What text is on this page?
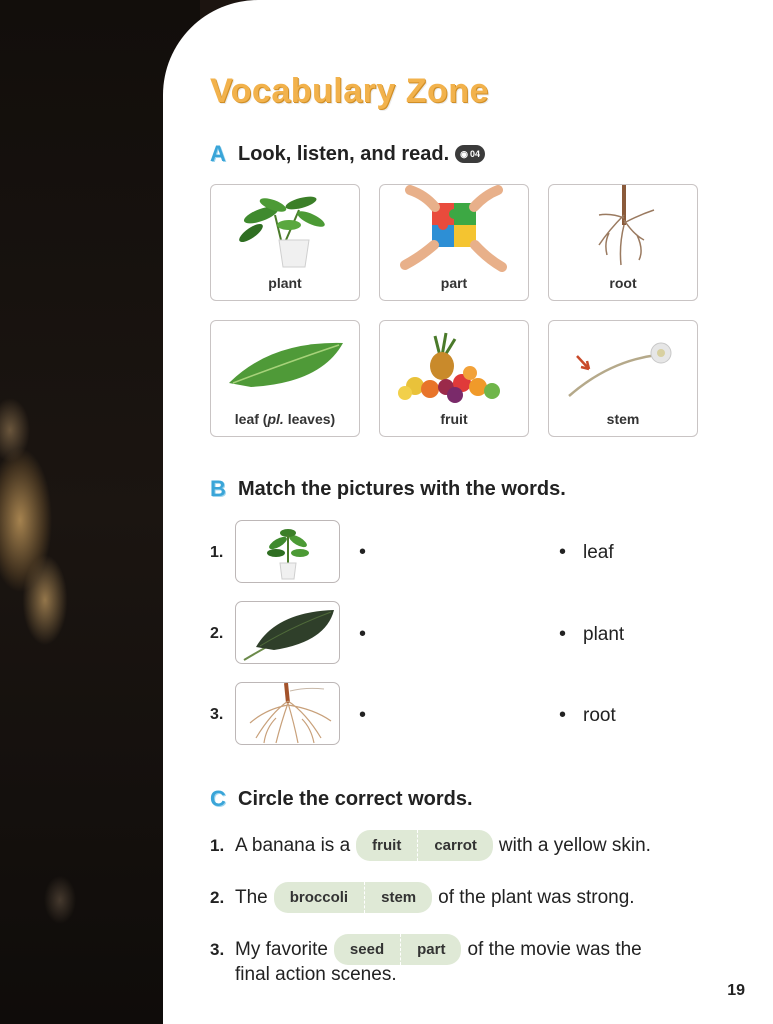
Vocabulary Zone
A Look, listen, and read. ◉ 04
plant	part	root
leaf (pl. leaves)	fruit	stem
B Match the pictures with the words.
1.	•	• leaf
2.	•	• plant
3.	•	• root
C Circle the correct words.
1. A banana is a	fruit	carrot	with a yellow skin.
2. The	broccoli	stem	of the plant was strong.
3. My favorite	seed	part	of the movie was the
final action scenes.
19
